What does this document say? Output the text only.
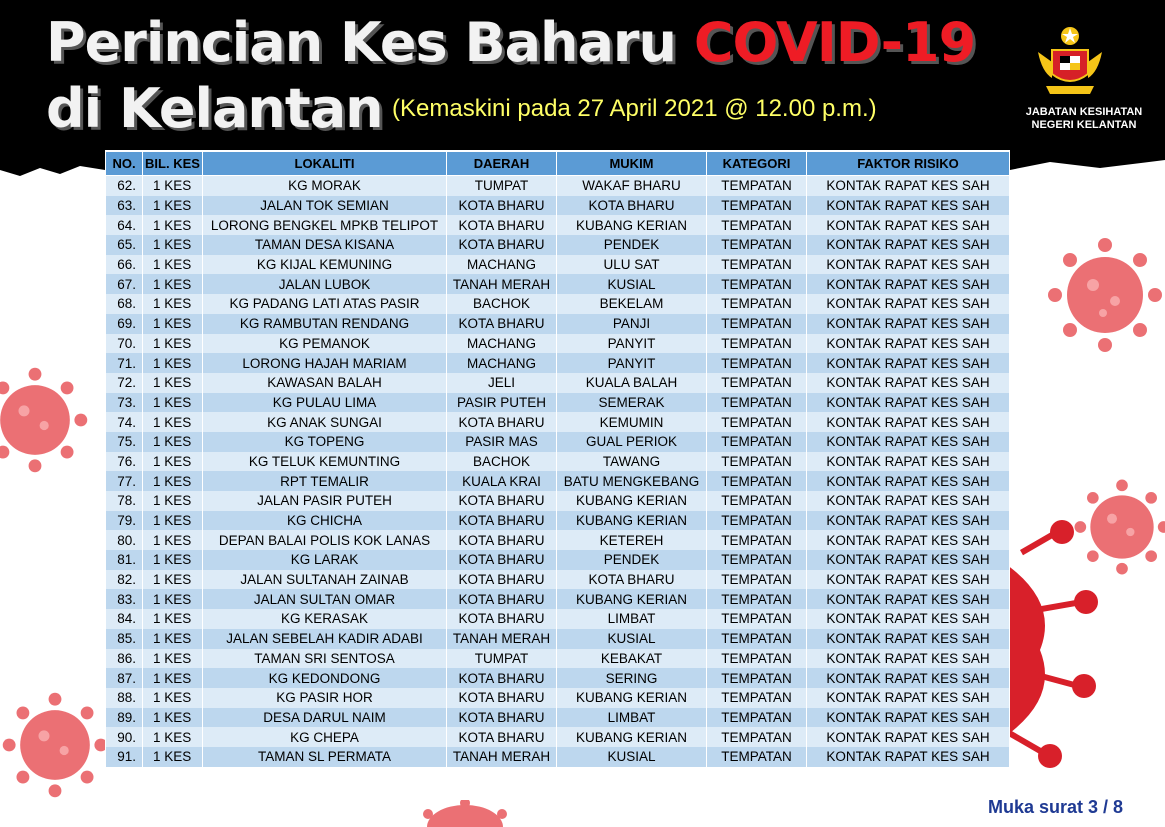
Perincian Kes Baharu COVID-19
di Kelantan (Kemaskini pada 27 April 2021 @ 12.00 p.m.)	JABATAN KESIHATAN
NEGERI KELANTAN
NO.	BIL. KES	LOKALITI	DAERAH	MUKIM	KATEGORI	FAKTOR RISIKO
62.	1 KES	KG MORAK	TUMPAT	WAKAF BHARU	TEMPATAN	KONTAK RAPAT KES SAH
63.	1 KES	JALAN TOK SEMIAN	KOTA BHARU	KOTA BHARU	TEMPATAN	KONTAK RAPAT KES SAH
64.	1 KES	LORONG BENGKEL MPKB TELIPOT	KOTA BHARU	KUBANG KERIAN	TEMPATAN	KONTAK RAPAT KES SAH
65.	1 KES	TAMAN DESA KISANA	KOTA BHARU	PENDEK	TEMPATAN	KONTAK RAPAT KES SAH
66.	1 KES	KG KIJAL KEMUNING	MACHANG	ULU SAT	TEMPATAN	KONTAK RAPAT KES SAH
67.	1 KES	JALAN LUBOK	TANAH MERAH	KUSIAL	TEMPATAN	KONTAK RAPAT KES SAH
68.	1 KES	KG PADANG LATI ATAS PASIR	BACHOK	BEKELAM	TEMPATAN	KONTAK RAPAT KES SAH
69.	1 KES	KG RAMBUTAN RENDANG	KOTA BHARU	PANJI	TEMPATAN	KONTAK RAPAT KES SAH
70.	1 KES	KG PEMANOK	MACHANG	PANYIT	TEMPATAN	KONTAK RAPAT KES SAH
71.	1 KES	LORONG HAJAH MARIAM	MACHANG	PANYIT	TEMPATAN	KONTAK RAPAT KES SAH
72.	1 KES	KAWASAN BALAH	JELI	KUALA BALAH	TEMPATAN	KONTAK RAPAT KES SAH
73.	1 KES	KG PULAU LIMA	PASIR PUTEH	SEMERAK	TEMPATAN	KONTAK RAPAT KES SAH
74.	1 KES	KG ANAK SUNGAI	KOTA BHARU	KEMUMIN	TEMPATAN	KONTAK RAPAT KES SAH
75.	1 KES	KG TOPENG	PASIR MAS	GUAL PERIOK	TEMPATAN	KONTAK RAPAT KES SAH
76.	1 KES	KG TELUK KEMUNTING	BACHOK	TAWANG	TEMPATAN	KONTAK RAPAT KES SAH
77.	1 KES	RPT TEMALIR	KUALA KRAI	BATU MENGKEBANG	TEMPATAN	KONTAK RAPAT KES SAH
78.	1 KES	JALAN PASIR PUTEH	KOTA BHARU	KUBANG KERIAN	TEMPATAN	KONTAK RAPAT KES SAH
79.	1 KES	KG CHICHA	KOTA BHARU	KUBANG KERIAN	TEMPATAN	KONTAK RAPAT KES SAH
80.	1 KES	DEPAN BALAI POLIS KOK LANAS	KOTA BHARU	KETEREH	TEMPATAN	KONTAK RAPAT KES SAH
81.	1 KES	KG LARAK	KOTA BHARU	PENDEK	TEMPATAN	KONTAK RAPAT KES SAH
82.	1 KES	JALAN SULTANAH ZAINAB	KOTA BHARU	KOTA BHARU	TEMPATAN	KONTAK RAPAT KES SAH
83.	1 KES	JALAN SULTAN OMAR	KOTA BHARU	KUBANG KERIAN	TEMPATAN	KONTAK RAPAT KES SAH
84.	1 KES	KG KERASAK	KOTA BHARU	LIMBAT	TEMPATAN	KONTAK RAPAT KES SAH
85.	1 KES	JALAN SEBELAH KADIR ADABI	TANAH MERAH	KUSIAL	TEMPATAN	KONTAK RAPAT KES SAH
86.	1 KES	TAMAN SRI SENTOSA	TUMPAT	KEBAKAT	TEMPATAN	KONTAK RAPAT KES SAH
87.	1 KES	KG KEDONDONG	KOTA BHARU	SERING	TEMPATAN	KONTAK RAPAT KES SAH
88.	1 KES	KG PASIR HOR	KOTA BHARU	KUBANG KERIAN	TEMPATAN	KONTAK RAPAT KES SAH
89.	1 KES	DESA DARUL NAIM	KOTA BHARU	LIMBAT	TEMPATAN	KONTAK RAPAT KES SAH
90.	1 KES	KG CHEPA	KOTA BHARU	KUBANG KERIAN	TEMPATAN	KONTAK RAPAT KES SAH
91.	1 KES	TAMAN SL PERMATA	TANAH MERAH	KUSIAL	TEMPATAN	KONTAK RAPAT KES SAH
Muka surat 3 / 8
